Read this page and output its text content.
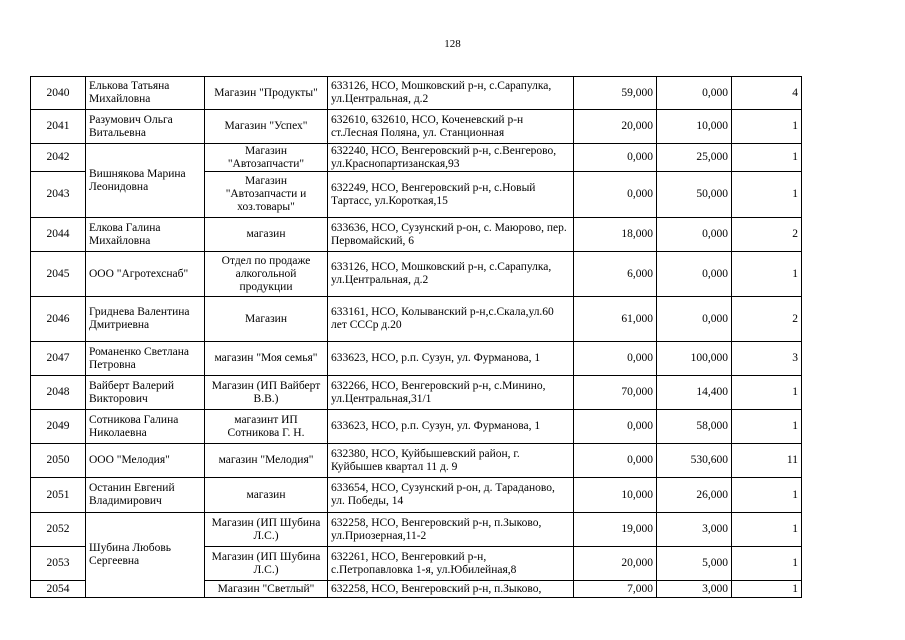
128
2040	Елькова Татьяна Михайловна	Магазин "Продукты"	633126, НСО, Мошковский р-н, с.Сарапулка, ул.Центральная, д.2	59,000	0,000	4
2041	Разумович Ольга Витальевна	Магазин "Успех"	632610, 632610, НСО, Коченевский р-н ст.Лесная Поляна, ул. Станционная	20,000	10,000	1
2042	Вишнякова Марина Леонидовна	Магазин "Автозапчасти"	632240, НСО, Венгеровский р-н, с.Венгерово, ул.Краснопартизанская,93	0,000	25,000	1
2043		Магазин "Автозапчасти и хоз.товары"	632249, НСО, Венгеровский р-н, с.Новый Тартасс, ул.Короткая,15	0,000	50,000	1
2044	Елкова Галина Михайловна	магазин	633636, НСО, Сузунский р-он, с. Маюрово, пер. Первомайский, 6	18,000	0,000	2
2045	ООО "Агротехснаб"	Отдел по продаже алкогольной продукции	633126, НСО, Мошковский р-н, с.Сарапулка, ул.Центральная, д.2	6,000	0,000	1
2046	Гриднева Валентина Дмитриевна	Магазин	633161, НСО, Колыванский р-н,с.Скала,ул.60 лет СССр д.20	61,000	0,000	2
2047	Романенко Светлана Петровна	магазин "Моя семья"	633623, НСО, р.п. Сузун, ул. Фурманова, 1	0,000	100,000	3
2048	Вайберт Валерий Викторович	Магазин (ИП Вайберт В.В.)	632266, НСО, Венгеровский р-н, с.Минино, ул.Центральная,31/1	70,000	14,400	1
2049	Сотникова Галина Николаевна	магазинт ИП Сотникова Г. Н.	633623, НСО, р.п. Сузун, ул. Фурманова, 1	0,000	58,000	1
2050	ООО "Мелодия"	магазин "Мелодия"	632380, НСО, Куйбышевский район, г. Куйбышев квартал 11 д. 9	0,000	530,600	11
2051	Останин Евгений Владимирович	магазин	633654, НСО, Сузунский р-он, д. Тараданово, ул. Победы, 14	10,000	26,000	1
2052	Шубина Любовь Сергеевна	Магазин (ИП Шубина Л.С.)	632258, НСО, Венгеровский р-н, п.Зыково, ул.Приозерная,11-2	19,000	3,000	1
2053		Магазин (ИП Шубина Л.С.)	632261, НСО, Венгеровкий р-н, с.Петропавловка 1-я, ул.Юбилейная,8	20,000	5,000	1
2054		Магазин "Светлый"	632258, НСО, Венгеровский р-н, п.Зыково,	7,000	3,000	1
